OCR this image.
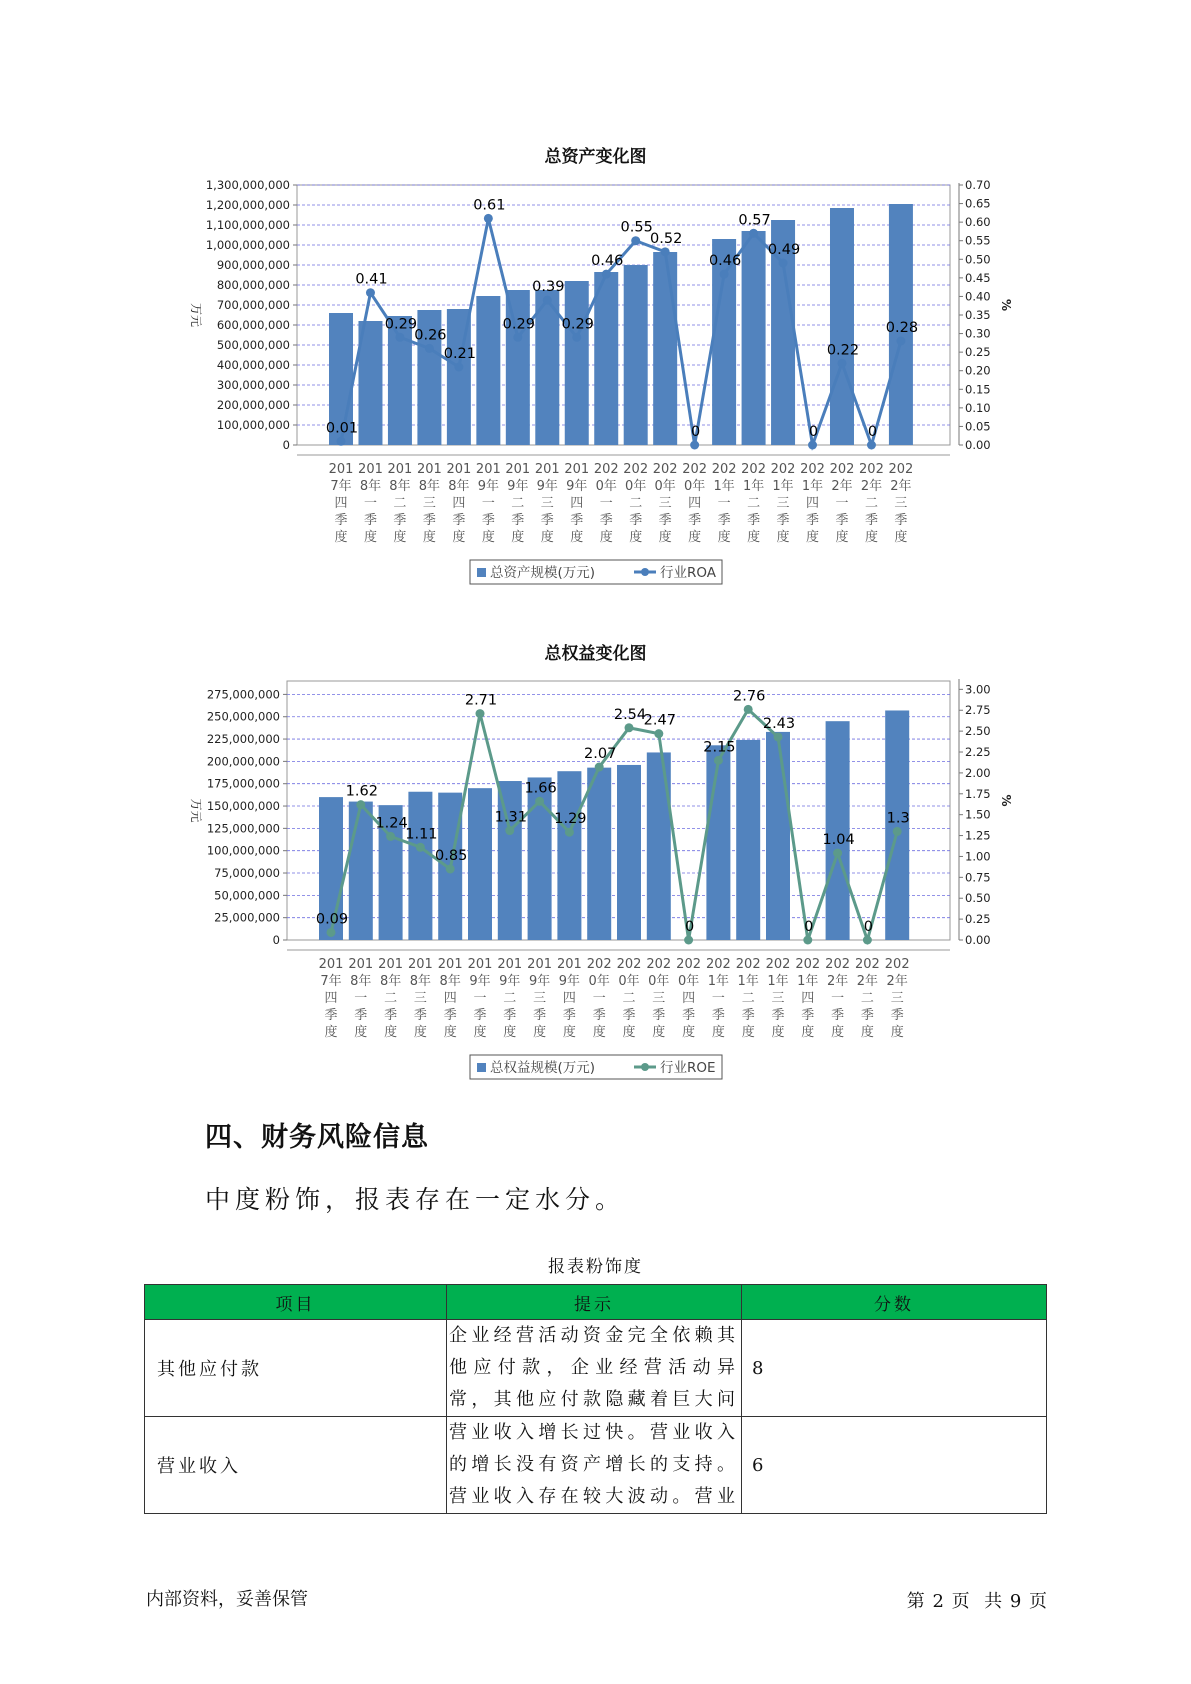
总资产变化图
0
100,000,000
200,000,000
300,000,000
400,000,000
500,000,000
600,000,000
700,000,000
800,000,000
900,000,000
1,000,000,000
1,100,000,000
1,200,000,000
1,300,000,000
0.00
0.05
0.10
0.15
0.20
0.25
0.30
0.35
0.40
0.45
0.50
0.55
0.60
0.65
0.70
万元	%
0.01
0.41
0.29
0.26
0.21
0.61
0.29
0.39
0.29
0.46
0.55
0.52
0
0.46
0.57
0.49
0
0.22
0
0.28
201
7年
四
季
度
201
8年
一
季
度
201
8年
二
季
度
201
8年
三
季
度
201
8年
四
季
度
201
9年
一
季
度
201
9年
二
季
度
201
9年
三
季
度
201
9年
四
季
度
202
0年
一
季
度
202
0年
二
季
度
202
0年
三
季
度
202
0年
四
季
度
202
1年
一
季
度
202
1年
二
季
度
202
1年
三
季
度
202
1年
四
季
度
202
2年
一
季
度
202
2年
二
季
度
202
2年
三
季
度
总资产规模(万元)	行业ROA
总权益变化图
0
25,000,000
50,000,000
75,000,000
100,000,000
125,000,000
150,000,000
175,000,000
200,000,000
225,000,000
250,000,000
275,000,000
0.00
0.25
0.50
0.75
1.00
1.25
1.50
1.75
2.00
2.25
2.50
2.75
3.00
万元	%
0.09
1.62
1.24
1.11
0.85
2.71
1.31
1.66
1.29
2.07
2.54
2.47
0
2.15
2.76
2.43
0
1.04
0
1.3
201
7年
四
季
度
201
8年
一
季
度
201
8年
二
季
度
201
8年
三
季
度
201
8年
四
季
度
201
9年
一
季
度
201
9年
二
季
度
201
9年
三
季
度
201
9年
四
季
度
202
0年
一
季
度
202
0年
二
季
度
202
0年
三
季
度
202
0年
四
季
度
202
1年
一
季
度
202
1年
二
季
度
202
1年
三
季
度
202
1年
四
季
度
202
2年
一
季
度
202
2年
二
季
度
202
2年
三
季
度
总权益规模(万元)	行业ROE
四、财务风险信息
中度粉饰，报表存在一定水分。
报表粉饰度
项目	提示	分数
其他应付款	企业经营活动资金完全依赖其他应付款，企业经营活动异常，其他应付款隐藏着巨大问	8
营业收入	营业收入增长过快。营业收入的增长没有资产增长的支持。营业收入存在较大波动。营业	6
内部资料，妥善保管	第 2 页  共 9 页
